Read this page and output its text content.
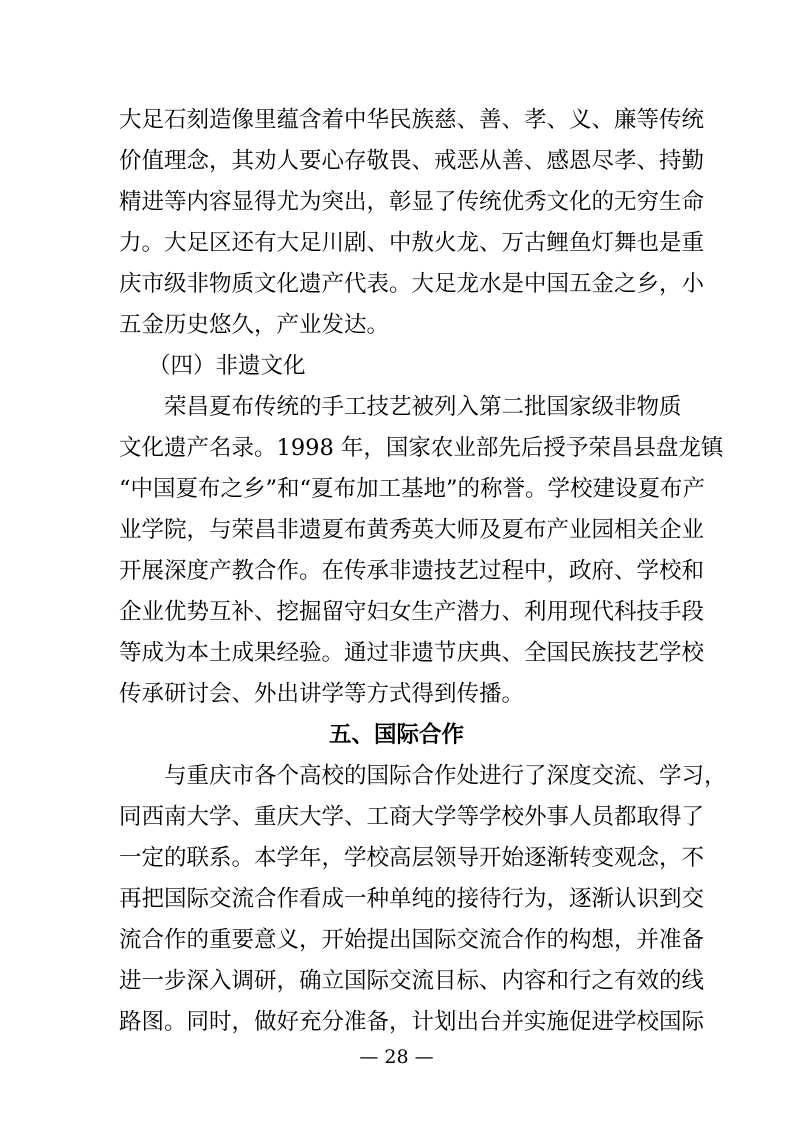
大足石刻造像里蕴含着中华民族慈、善、孝、义、廉等传统
价值理念，其劝人要心存敬畏、戒恶从善、感恩尽孝、持勤
精进等内容显得尤为突出，彰显了传统优秀文化的无穷生命
力。大足区还有大足川剧、中敖火龙、万古鲤鱼灯舞也是重
庆市级非物质文化遗产代表。大足龙水是中国五金之乡，小
五金历史悠久，产业发达。
（四）非遗文化
荣昌夏布传统的手工技艺被列入第二批国家级非物质
文化遗产名录。1998 年，国家农业部先后授予荣昌县盘龙镇
“中国夏布之乡”和“夏布加工基地”的称誉。学校建设夏布产
业学院，与荣昌非遗夏布黄秀英大师及夏布产业园相关企业
开展深度产教合作。在传承非遗技艺过程中，政府、学校和
企业优势互补、挖掘留守妇女生产潜力、利用现代科技手段
等成为本土成果经验。通过非遗节庆典、全国民族技艺学校
传承研讨会、外出讲学等方式得到传播。
五、国际合作
与重庆市各个高校的国际合作处进行了深度交流、学习，
同西南大学、重庆大学、工商大学等学校外事人员都取得了
一定的联系。本学年，学校高层领导开始逐渐转变观念，不
再把国际交流合作看成一种单纯的接待行为，逐渐认识到交
流合作的重要意义，开始提出国际交流合作的构想，并准备
进一步深入调研，确立国际交流目标、内容和行之有效的线
路图。同时，做好充分准备，计划出台并实施促进学校国际
— 28 —
